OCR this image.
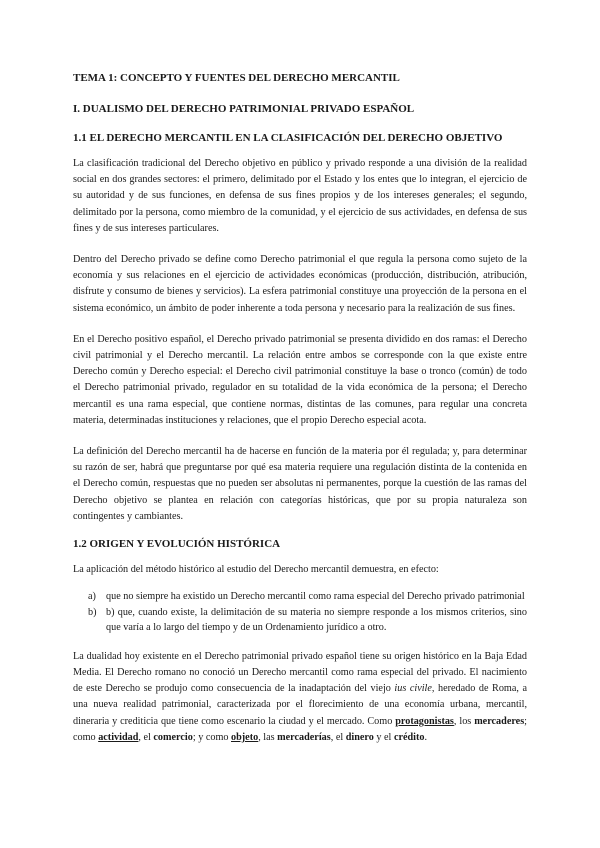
TEMA 1: CONCEPTO Y FUENTES DEL DERECHO MERCANTIL
I. DUALISMO DEL DERECHO PATRIMONIAL PRIVADO ESPAÑOL
1.1 EL DERECHO MERCANTIL EN LA CLASIFICACIÓN DEL DERECHO OBJETIVO

La clasificación tradicional del Derecho objetivo en público y privado responde a una división de la realidad social en dos grandes sectores: el primero, delimitado por el Estado y los entes que lo integran, el ejercicio de su autoridad y de sus funciones, en defensa de sus fines propios y de los intereses generales; el segundo, delimitado por la persona, como miembro de la comunidad, y el ejercicio de sus actividades, en defensa de sus fines y de sus intereses particulares.

Dentro del Derecho privado se define como Derecho patrimonial el que regula la persona como sujeto de la economía y sus relaciones en el ejercicio de actividades económicas (producción, distribución, atribución, disfrute y consumo de bienes y servicios). La esfera patrimonial constituye una proyección de la persona en el sistema económico, un ámbito de poder inherente a toda persona y necesario para la realización de sus fines.

En el Derecho positivo español, el Derecho privado patrimonial se presenta dividido en dos ramas: el Derecho civil patrimonial y el Derecho mercantil. La relación entre ambos se corresponde con la que existe entre Derecho común y Derecho especial: el Derecho civil patrimonial constituye la base o tronco (común) de todo el Derecho patrimonial privado, regulador en su totalidad de la vida económica de la persona; el Derecho mercantil es una rama especial, que contiene normas, distintas de las comunes, para regular una concreta materia, determinadas instituciones y relaciones, que el propio Derecho especial acota.

La definición del Derecho mercantil ha de hacerse en función de la materia por él regulada; y, para determinar su razón de ser, habrá que preguntarse por qué esa materia requiere una regulación distinta de la contenida en el Derecho común, respuestas que no pueden ser absolutas ni permanentes, porque la cuestión de las ramas del Derecho objetivo se plantea en relación con categorías históricas, que por su propia naturaleza son contingentes y cambiantes.

1.2 ORIGEN Y EVOLUCIÓN HISTÓRICA

La aplicación del método histórico al estudio del Derecho mercantil demuestra, en efecto:

a) que no siempre ha existido un Derecho mercantil como rama especial del Derecho privado patrimonial
b) b) que, cuando existe, la delimitación de su materia no siempre responde a los mismos criterios, sino que varía a lo largo del tiempo y de un Ordenamiento jurídico a otro.

La dualidad hoy existente en el Derecho patrimonial privado español tiene su origen histórico en la Baja Edad Media. El Derecho romano no conoció un Derecho mercantil como rama especial del privado. El nacimiento de este Derecho se produjo como consecuencia de la inadaptación del viejo ius civile, heredado de Roma, a una nueva realidad patrimonial, caracterizada por el florecimiento de una economía urbana, mercantil, dineraria y crediticia que tiene como escenario la ciudad y el mercado. Como protagonistas, los mercaderes; como actividad, el comercio; y como objeto, las mercaderías, el dinero y el crédito.
